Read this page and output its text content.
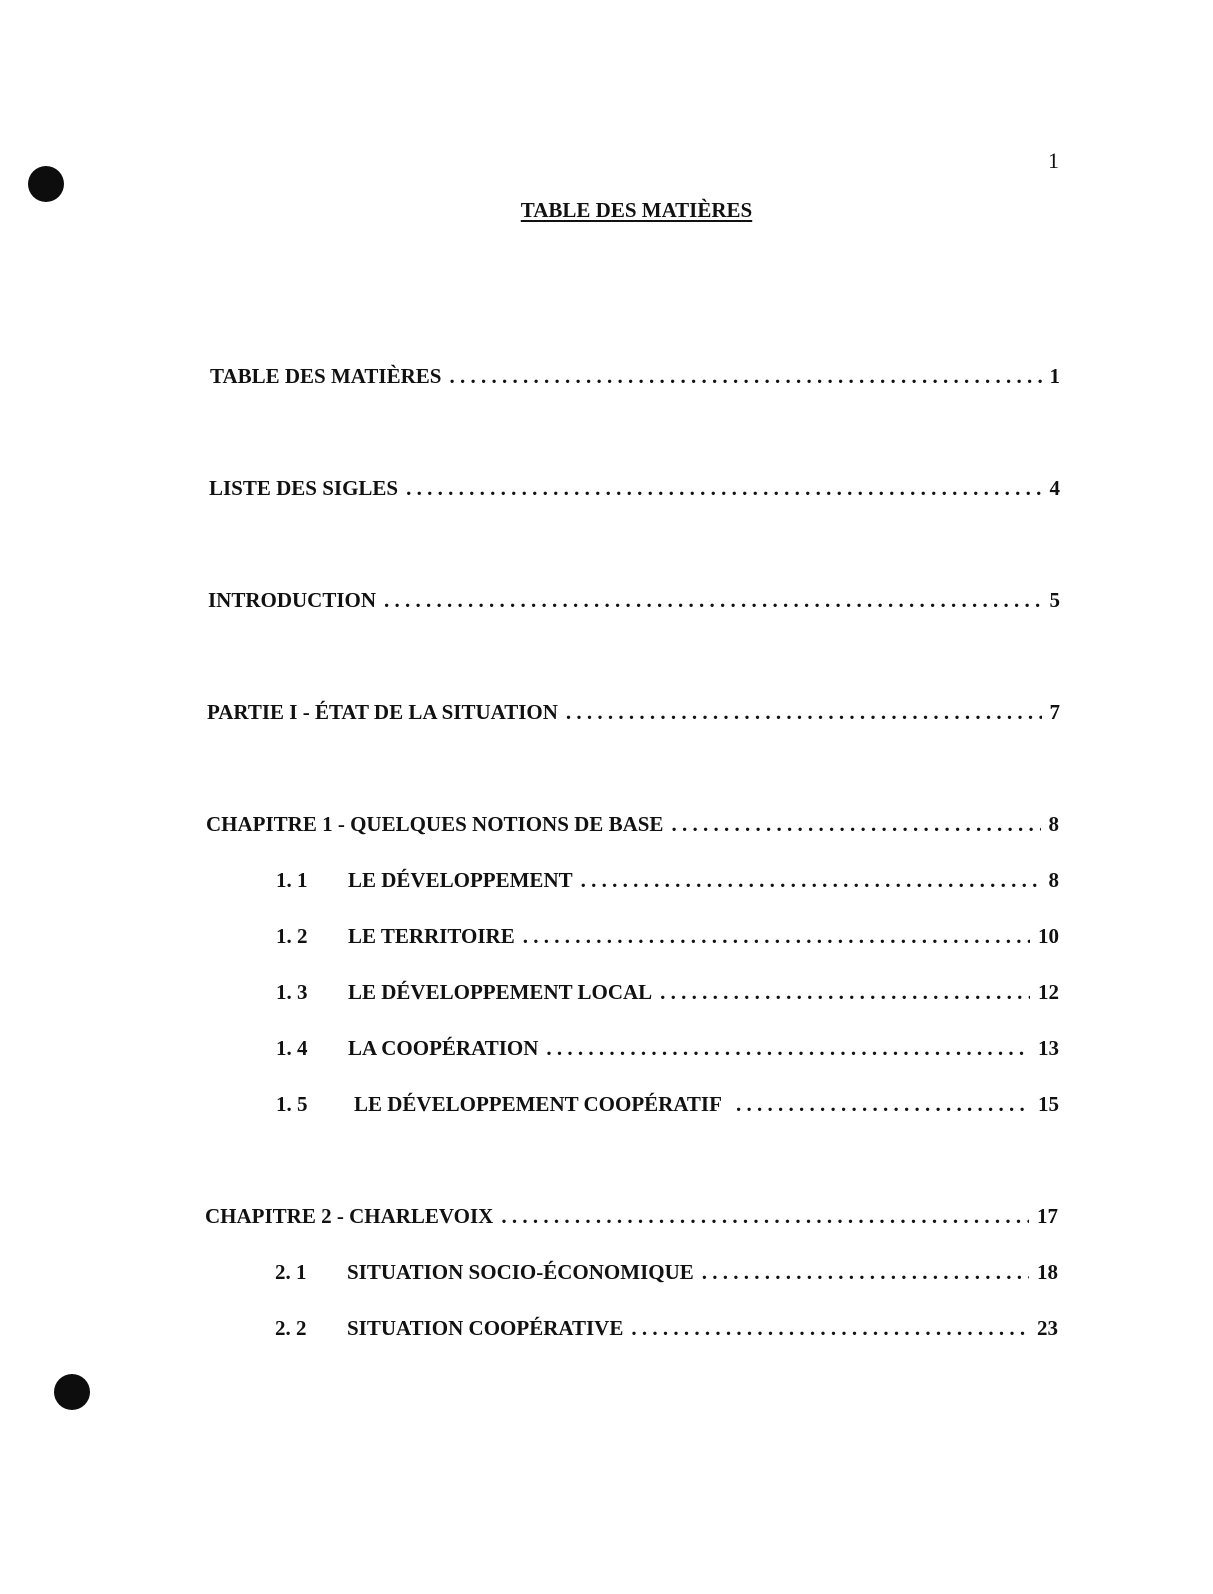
1
TABLE DES MATIÈRES
TABLE DES MATIÈRES . . .	1
LISTE DES SIGLES . . .	4
INTRODUCTION . . .	5
PARTIE I - ÉTAT DE LA SITUATION . . .	7
CHAPITRE 1 - QUELQUES NOTIONS DE BASE . . .	8
1. 1	LE DÉVELOPPEMENT . . .	8
1. 2	LE TERRITOIRE . . .	10
1. 3	LE DÉVELOPPEMENT LOCAL . . .	12
1. 4	LA COOPÉRATION . . .	13
1. 5	LE DÉVELOPPEMENT COOPÉRATIF . . .	15
CHAPITRE 2 - CHARLEVOIX . . .	17
2. 1	SITUATION SOCIO-ÉCONOMIQUE . . .	18
2. 2	SITUATION COOPÉRATIVE . . .	23
